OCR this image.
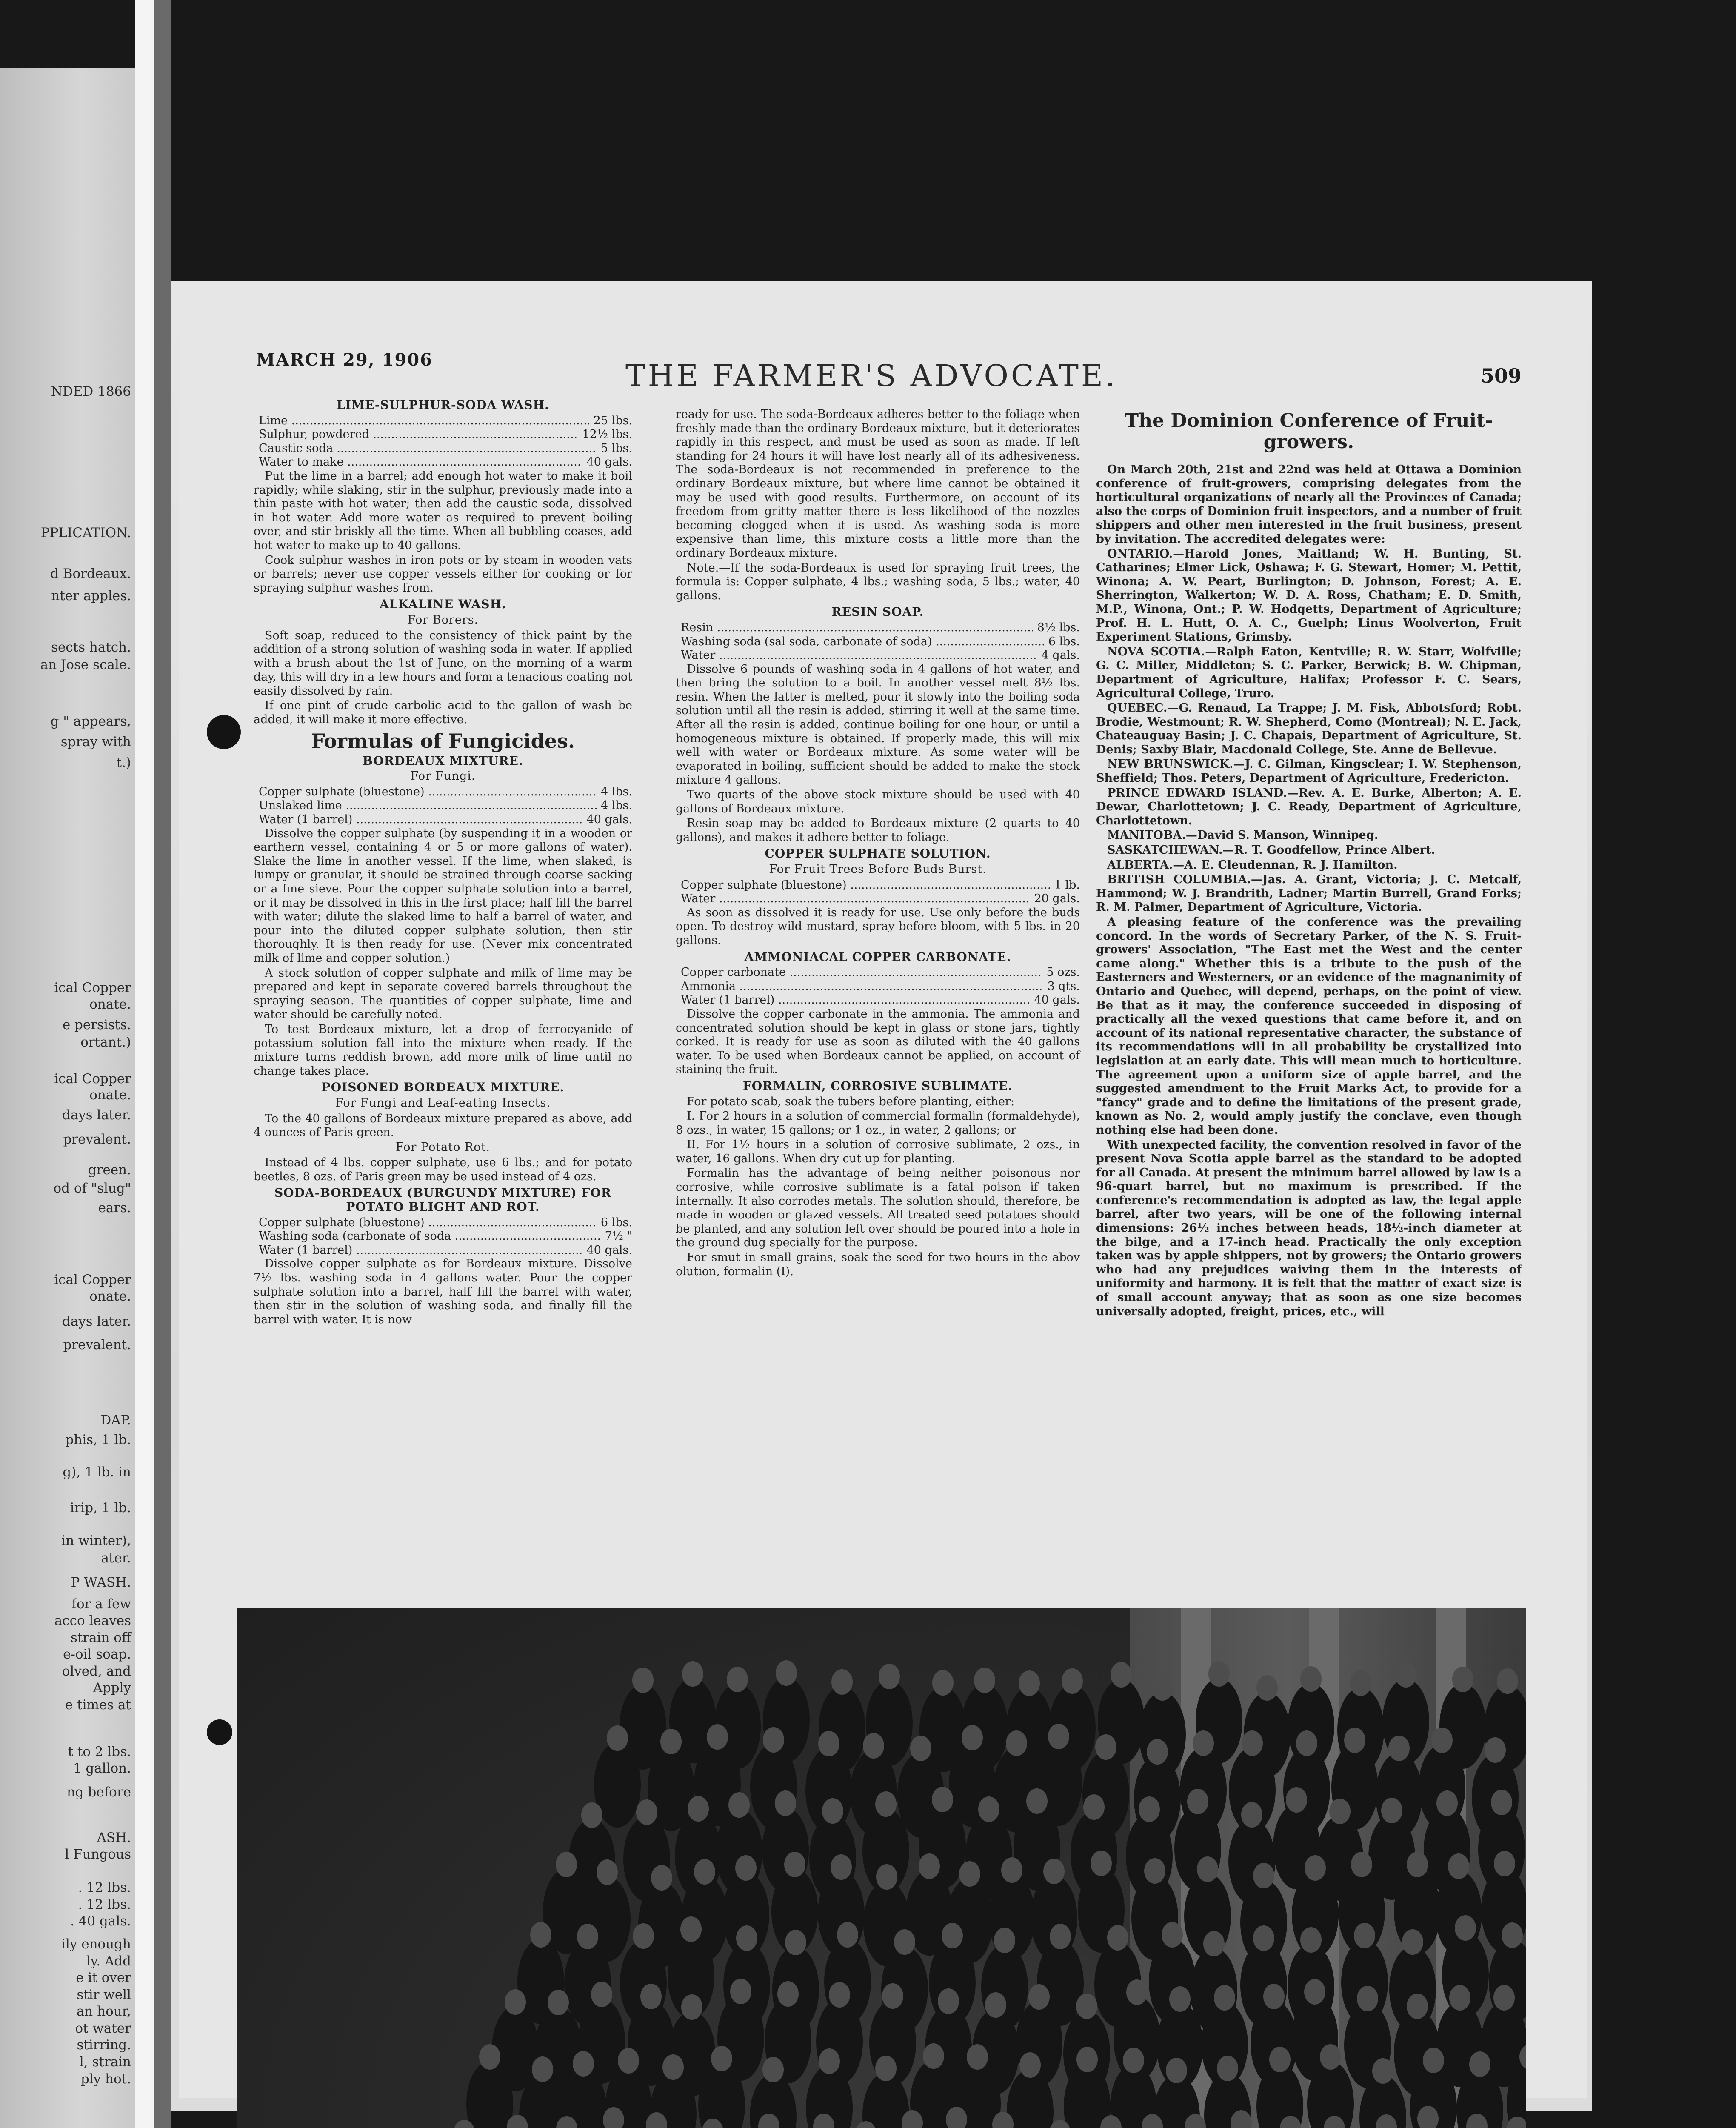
NDED 1866
PPLICATION.
d Bordeaux.
nter apples.
sects hatch.
an Jose scale.
g " appears,
spray with
t.)
ical Copper
onate.
e persists.
ortant.)
ical Copper
onate.
days later.
prevalent.
green.
od of "slug"
ears.
ical Copper
onate.
days later.
prevalent.
DAP.
phis, 1 lb.
g), 1 lb. in
irip, 1 lb.
in winter),
ater.
P WASH.
for a few
acco leaves
strain off
e-oil soap.
olved, and
Apply
e times at
t to 2 lbs.
1 gallon.
ng before
ASH.
l Fungous
. 12 lbs.
. 12 lbs.
. 40 gals.
ily enough
ly. Add
e it over
stir well
an hour,
ot water
stirring.
l, strain
ply hot.
MARCH 29, 1906	THE FARMER'S ADVOCATE.	509
LIME-SULPHUR-SODA WASH.
Lime .....	25 lbs.
Sulphur, powdered .....	12½ lbs.
Caustic soda .....	5 lbs.
Water to make .....	40 gals.

Put the lime in a barrel; add enough hot water to make it boil rapidly; while slaking, stir in the sulphur, previously made into a thin paste with hot water; then add the caustic soda, dissolved in hot water. Add more water as required to prevent boiling over, and stir briskly all the time. When all bubbling ceases, add hot water to make up to 40 gallons.

Cook sulphur washes in iron pots or by steam in wooden vats or barrels; never use copper vessels either for cooking or for spraying sulphur washes from.

ALKALINE WASH.
For Borers.

Soft soap, reduced to the consistency of thick paint by the addition of a strong solution of washing soda in water. If applied with a brush about the 1st of June, on the morning of a warm day, this will dry in a few hours and form a tenacious coating not easily dissolved by rain.

If one pint of crude carbolic acid to the gallon of wash be added, it will make it more effective.

Formulas of Fungicides.
BORDEAUX MIXTURE.
For Fungi.
Copper sulphate (bluestone) .....	4 lbs.
Unslaked lime .....	4 lbs.
Water (1 barrel) .....	40 gals.

Dissolve the copper sulphate (by suspending it in a wooden or earthern vessel, containing 4 or 5 or more gallons of water). Slake the lime in another vessel. If the lime, when slaked, is lumpy or granular, it should be strained through coarse sacking or a fine sieve. Pour the copper sulphate solution into a barrel, or it may be dissolved in this in the first place; half fill the barrel with water; dilute the slaked lime to half a barrel of water, and pour into the diluted copper sulphate solution, then stir thoroughly. It is then ready for use. (Never mix concentrated milk of lime and copper solution.)

A stock solution of copper sulphate and milk of lime may be prepared and kept in separate covered barrels throughout the spraying season. The quantities of copper sulphate, lime and water should be carefully noted.

To test Bordeaux mixture, let a drop of ferrocyanide of potassium solution fall into the mixture when ready. If the mixture turns reddish brown, add more milk of lime until no change takes place.

POISONED BORDEAUX MIXTURE.
For Fungi and Leaf-eating Insects.

To the 40 gallons of Bordeaux mixture prepared as above, add 4 ounces of Paris green.

For Potato Rot.

Instead of 4 lbs. copper sulphate, use 6 lbs.; and for potato beetles, 8 ozs. of Paris green may be used instead of 4 ozs.

SODA-BORDEAUX (BURGUNDY MIXTURE) FOR POTATO BLIGHT AND ROT.
Copper sulphate (bluestone) .....	6 lbs.
Washing soda (carbonate of soda .....	7½ "
Water (1 barrel) .....	40 gals.

Dissolve copper sulphate as for Bordeaux mixture. Dissolve 7½ lbs. washing soda in 4 gallons water. Pour the copper sulphate solution into a barrel, half fill the barrel with water, then stir in the solution of washing soda, and finally fill the barrel with water. It is now

ready for use. The soda-Bordeaux adheres better to the foliage when freshly made than the ordinary Bordeaux mixture, but it deteriorates rapidly in this respect, and must be used as soon as made. If left standing for 24 hours it will have lost nearly all of its adhesiveness. The soda-Bordeaux is not recommended in preference to the ordinary Bordeaux mixture, but where lime cannot be obtained it may be used with good results. Furthermore, on account of its freedom from gritty matter there is less likelihood of the nozzles becoming clogged when it is used. As washing soda is more expensive than lime, this mixture costs a little more than the ordinary Bordeaux mixture.

Note.—If the soda-Bordeaux is used for spraying fruit trees, the formula is: Copper sulphate, 4 lbs.; washing soda, 5 lbs.; water, 40 gallons.

RESIN SOAP.
Resin .....	8½ lbs.
Washing soda (sal soda, carbonate of soda) .....	6 lbs.
Water .....	4 gals.

Dissolve 6 pounds of washing soda in 4 gallons of hot water, and then bring the solution to a boil. In another vessel melt 8½ lbs. resin. When the latter is melted, pour it slowly into the boiling soda solution until all the resin is added, stirring it well at the same time. After all the resin is added, continue boiling for one hour, or until a homogeneous mixture is obtained. If properly made, this will mix well with water or Bordeaux mixture. As some water will be evaporated in boiling, sufficient should be added to make the stock mixture 4 gallons.

Two quarts of the above stock mixture should be used with 40 gallons of Bordeaux mixture.

Resin soap may be added to Bordeaux mixture (2 quarts to 40 gallons), and makes it adhere better to foliage.

COPPER SULPHATE SOLUTION.
For Fruit Trees Before Buds Burst.
Copper sulphate (bluestone) .....	1 lb.
Water .....	20 gals.

As soon as dissolved it is ready for use. Use only before the buds open. To destroy wild mustard, spray before bloom, with 5 lbs. in 20 gallons.

AMMONIACAL COPPER CARBONATE.
Copper carbonate .....	5 ozs.
Ammonia .....	3 qts.
Water (1 barrel) .....	40 gals.

Dissolve the copper carbonate in the ammonia. The ammonia and concentrated solution should be kept in glass or stone jars, tightly corked. It is ready for use as soon as diluted with the 40 gallons water. To be used when Bordeaux cannot be applied, on account of staining the fruit.

FORMALIN, CORROSIVE SUBLIMATE.

For potato scab, soak the tubers before planting, either:

I. For 2 hours in a solution of commercial formalin (formaldehyde), 8 ozs., in water, 15 gallons; or 1 oz., in water, 2 gallons; or

II. For 1½ hours in a solution of corrosive sublimate, 2 ozs., in water, 16 gallons. When dry cut up for planting.

Formalin has the advantage of being neither poisonous nor corrosive, while corrosive sublimate is a fatal poison if taken internally. It also corrodes metals. The solution should, therefore, be made in wooden or glazed vessels. All treated seed potatoes should be planted, and any solution left over should be poured into a hole in the ground dug specially for the purpose.

For smut in small grains, soak the seed for two hours in the abov olution, formalin (I).

The Dominion Conference of Fruit-growers.

On March 20th, 21st and 22nd was held at Ottawa a Dominion conference of fruit-growers, comprising delegates from the horticultural organizations of nearly all the Provinces of Canada; also the corps of Dominion fruit inspectors, and a number of fruit shippers and other men interested in the fruit business, present by invitation. The accredited delegates were:

ONTARIO.—Harold Jones, Maitland; W. H. Bunting, St. Catharines; Elmer Lick, Oshawa; F. G. Stewart, Homer; M. Pettit, Winona; A. W. Peart, Burlington; D. Johnson, Forest; A. E. Sherrington, Walkerton; W. D. A. Ross, Chatham; E. D. Smith, M.P., Winona, Ont.; P. W. Hodgetts, Department of Agriculture; Prof. H. L. Hutt, O. A. C., Guelph; Linus Woolverton, Fruit Experiment Stations, Grimsby.

NOVA SCOTIA.—Ralph Eaton, Kentville; R. W. Starr, Wolfville; G. C. Miller, Middleton; S. C. Parker, Berwick; B. W. Chipman, Department of Agriculture, Halifax; Professor F. C. Sears, Agricultural College, Truro.

QUEBEC.—G. Renaud, La Trappe; J. M. Fisk, Abbotsford; Robt. Brodie, Westmount; R. W. Shepherd, Como (Montreal); N. E. Jack, Chateauguay Basin; J. C. Chapais, Department of Agriculture, St. Denis; Saxby Blair, Macdonald College, Ste. Anne de Bellevue.

NEW BRUNSWICK.—J. C. Gilman, Kingsclear; I. W. Stephenson, Sheffield; Thos. Peters, Department of Agriculture, Fredericton.

PRINCE EDWARD ISLAND.—Rev. A. E. Burke, Alberton; A. E. Dewar, Charlottetown; J. C. Ready, Department of Agriculture, Charlottetown.

MANITOBA.—David S. Manson, Winnipeg.

SASKATCHEWAN.—R. T. Goodfellow, Prince Albert.

ALBERTA.—A. E. Cleudennan, R. J. Hamilton.

BRITISH COLUMBIA.—Jas. A. Grant, Victoria; J. C. Metcalf, Hammond; W. J. Brandrith, Ladner; Martin Burrell, Grand Forks; R. M. Palmer, Department of Agriculture, Victoria.

A pleasing feature of the conference was the prevailing concord. In the words of Secretary Parker, of the N. S. Fruit-growers' Association, "The East met the West and the center came along." Whether this is a tribute to the push of the Easterners and Westerners, or an evidence of the magnanimity of Ontario and Quebec, will depend, perhaps, on the point of view. Be that as it may, the conference succeeded in disposing of practically all the vexed questions that came before it, and on account of its national representative character, the substance of its recommendations will in all probability be crystallized into legislation at an early date. This will mean much to horticulture. The agreement upon a uniform size of apple barrel, and the suggested amendment to the Fruit Marks Act, to provide for a "fancy" grade and to define the limitations of the present grade, known as No. 2, would amply justify the conclave, even though nothing else had been done.

With unexpected facility, the convention resolved in favor of the present Nova Scotia apple barrel as the standard to be adopted for all Canada. At present the minimum barrel allowed by law is a 96-quart barrel, but no maximum is prescribed. If the conference's recommendation is adopted as law, the legal apple barrel, after two years, will be one of the following internal dimensions: 26½ inches between heads, 18½-inch diameter at the bilge, and a 17-inch head. Practically the only exception taken was by apple shippers, not by growers; the Ontario growers who had any prejudices waiving them in the interests of uniformity and harmony. It is felt that the matter of exact size is of small account anyway; that as soon as one size becomes universally adopted, freight, prices, etc., will
